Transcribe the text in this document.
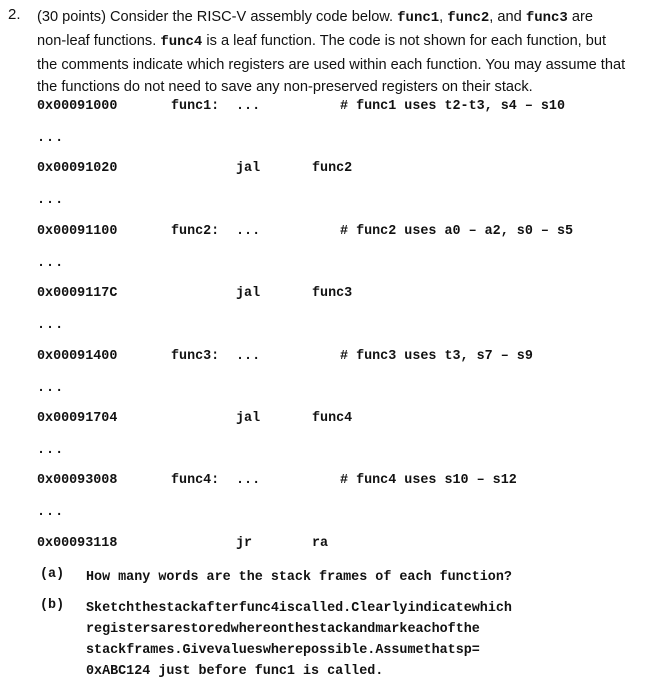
2. (30 points) Consider the RISC-V assembly code below. func1, func2, and func3 are
non-leaf functions. func4 is a leaf function. The code is not shown for each function, but
the comments indicate which registers are used within each function. You may assume that
the functions do not need to save any non-preserved registers on their stack.
0x00091000	func1: ...	# func1 uses t2-t3, s4 – s10
...
0x00091020	jal	func2
...
0x00091100	func2: ...	# func2 uses a0 – a2, s0 – s5
...
0x0009117C	jal	func3
...
0x00091400	func3: ...	# func3 uses t3, s7 – s9
...
0x00091704	jal	func4
...
0x00093008	func4: ...	# func4 uses s10 – s12
...
0x00093118	jr	ra
(a) How many words are the stack frames of each function?
(b) Sketchthestackafterfunc4iscalled.Clearlyindicatewhich
registersarestoredwhereonthestackandmarkeachofthe
stackframes.Givevalueswherepossible.Assumethatsp=
0xABC124 just before func1 is called.
